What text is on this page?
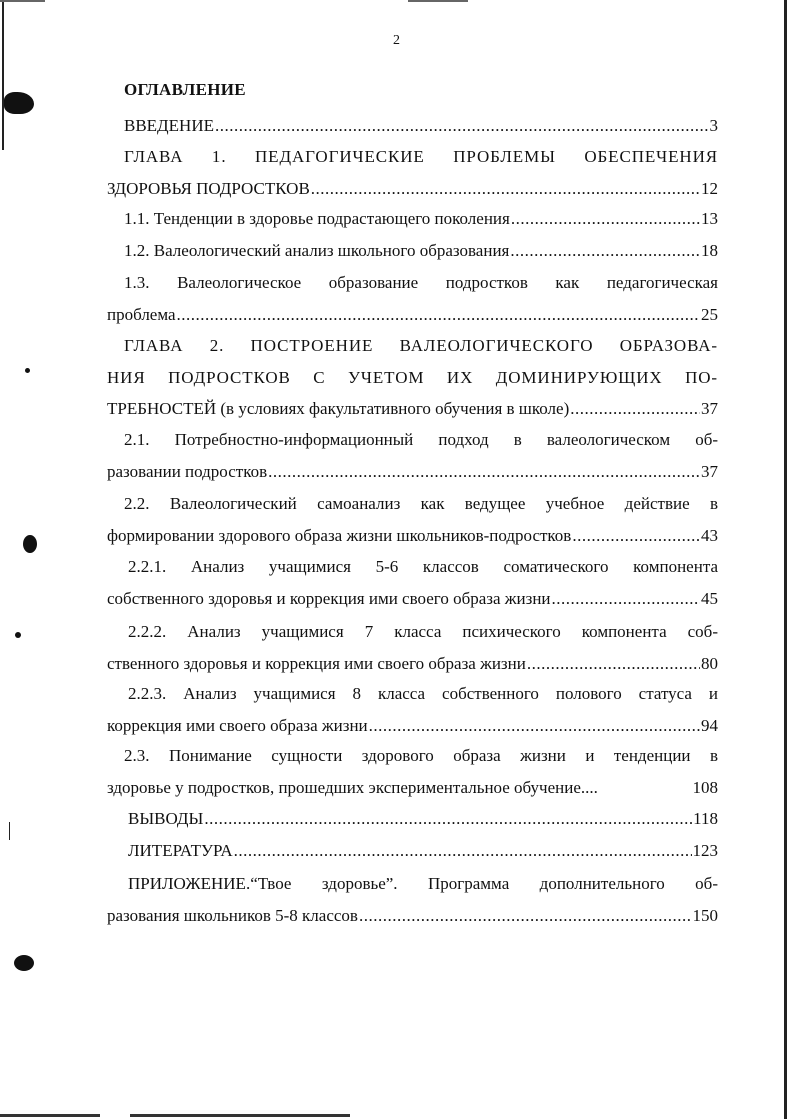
2
ОГЛАВЛЕНИЕ
ВВЕДЕНИЕ .....	3
ГЛАВА 1. ПЕДАГОГИЧЕСКИЕ ПРОБЛЕМЫ ОБЕСПЕЧЕНИЯ
ЗДОРОВЬЯ ПОДРОСТКОВ .....	12
1.1. Тенденции в здоровье подрастающего поколения .....	13
1.2. Валеологический анализ школьного образования .....	18
1.3. Валеологическое образование подростков как педагогическая
проблема .....	25
ГЛАВА 2. ПОСТРОЕНИЕ ВАЛЕОЛОГИЧЕСКОГО ОБРАЗОВА-
НИЯ ПОДРОСТКОВ С УЧЕТОМ ИХ ДОМИНИРУЮЩИХ ПО-
ТРЕБНОСТЕЙ (в условиях факультативного обучения в школе) .....	37
2.1. Потребностно-информационный подход в валеологическом об-
разовании подростков .....	37
2.2. Валеологический самоанализ как ведущее учебное действие в
формировании здорового образа жизни школьников-подростков .....	43
2.2.1. Анализ учащимися 5-6 классов соматического компонента
собственного здоровья и коррекция ими своего образа жизни .....	45
2.2.2. Анализ учащимися 7 класса психического компонента соб-
ственного здоровья и коррекция ими своего образа жизни .....	80
2.2.3. Анализ учащимися 8 класса собственного полового статуса и
коррекция ими своего образа жизни .....	94
2.3. Понимание сущности здорового образа жизни и тенденции в
здоровье у подростков, прошедших экспериментальное обучение....	108
ВЫВОДЫ .....	118
ЛИТЕРАТУРА .....	123
ПРИЛОЖЕНИЕ.“Твое здоровье”. Программа дополнительного об-
разования школьников 5-8 классов .....	150
